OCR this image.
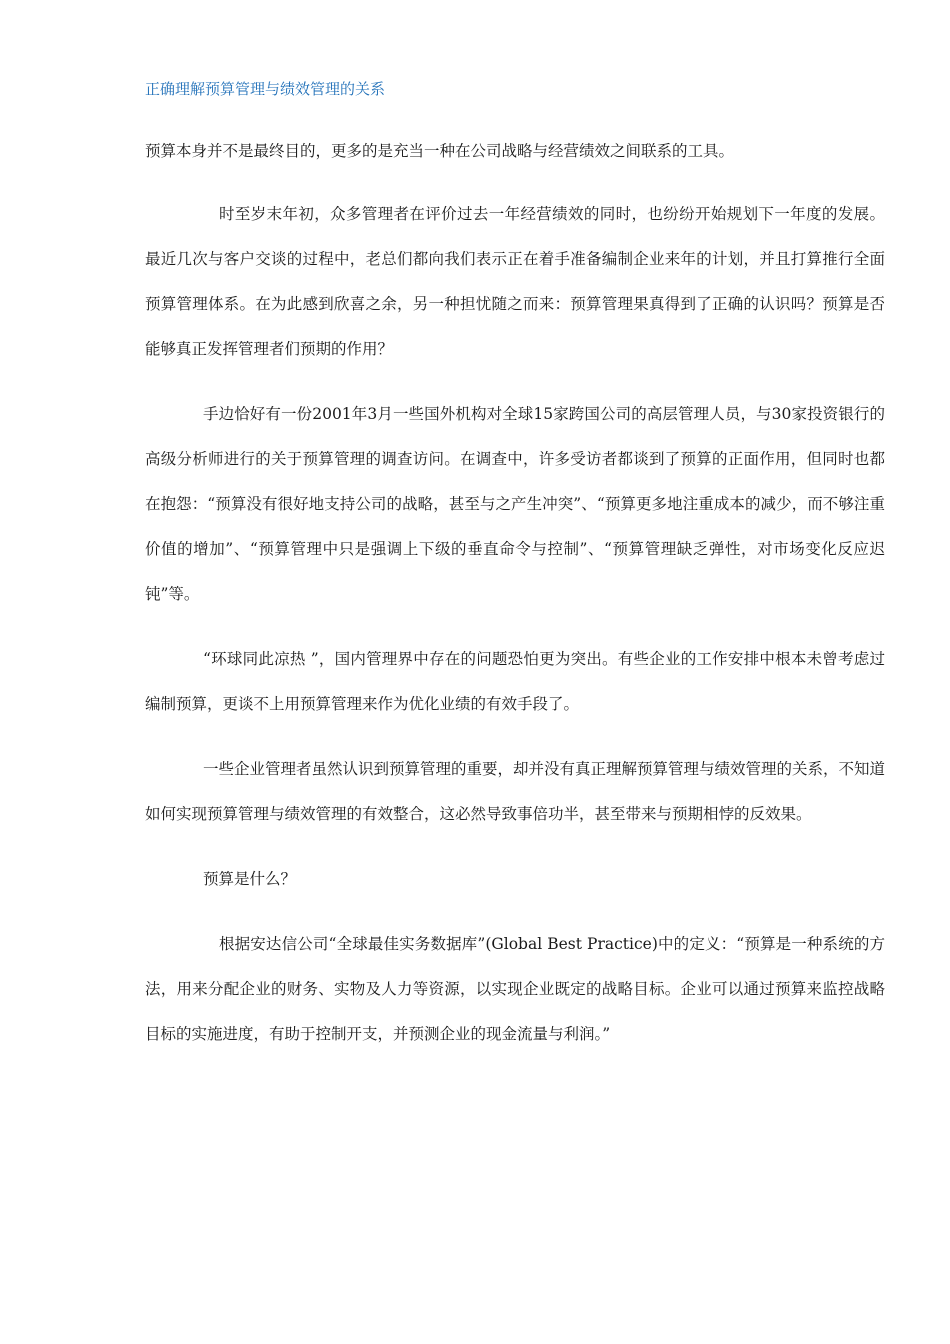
正确理解预算管理与绩效管理的关系

预算本身并不是最终目的，更多的是充当一种在公司战略与经营绩效之间联系的工具。

时至岁末年初，众多管理者在评价过去一年经营绩效的同时，也纷纷开始规划下一年度的发展。最近几次与客户交谈的过程中，老总们都向我们表示正在着手准备编制企业来年的计划，并且打算推行全面预算管理体系。在为此感到欣喜之余，另一种担忧随之而来：预算管理果真得到了正确的认识吗？预算是否能够真正发挥管理者们预期的作用？

手边恰好有一份2001年3月一些国外机构对全球15家跨国公司的高层管理人员，与30家投资银行的高级分析师进行的关于预算管理的调查访问。在调查中，许多受访者都谈到了预算的正面作用，但同时也都在抱怨：“预算没有很好地支持公司的战略，甚至与之产生冲突”、“预算更多地注重成本的减少，而不够注重价值的增加”、“预算管理中只是强调上下级的垂直命令与控制”、“预算管理缺乏弹性，对市场变化反应迟钝”等。

“环球同此凉热 ”，国内管理界中存在的问题恐怕更为突出。有些企业的工作安排中根本未曾考虑过编制预算，更谈不上用预算管理来作为优化业绩的有效手段了。

一些企业管理者虽然认识到预算管理的重要，却并没有真正理解预算管理与绩效管理的关系，不知道如何实现预算管理与绩效管理的有效整合，这必然导致事倍功半，甚至带来与预期相悖的反效果。

预算是什么？

根据安达信公司“全球最佳实务数据库”(Global Best Practice)中的定义：“预算是一种系统的方法，用来分配企业的财务、实物及人力等资源，以实现企业既定的战略目标。企业可以通过预算来监控战略目标的实施进度，有助于控制开支，并预测企业的现金流量与利润。”
